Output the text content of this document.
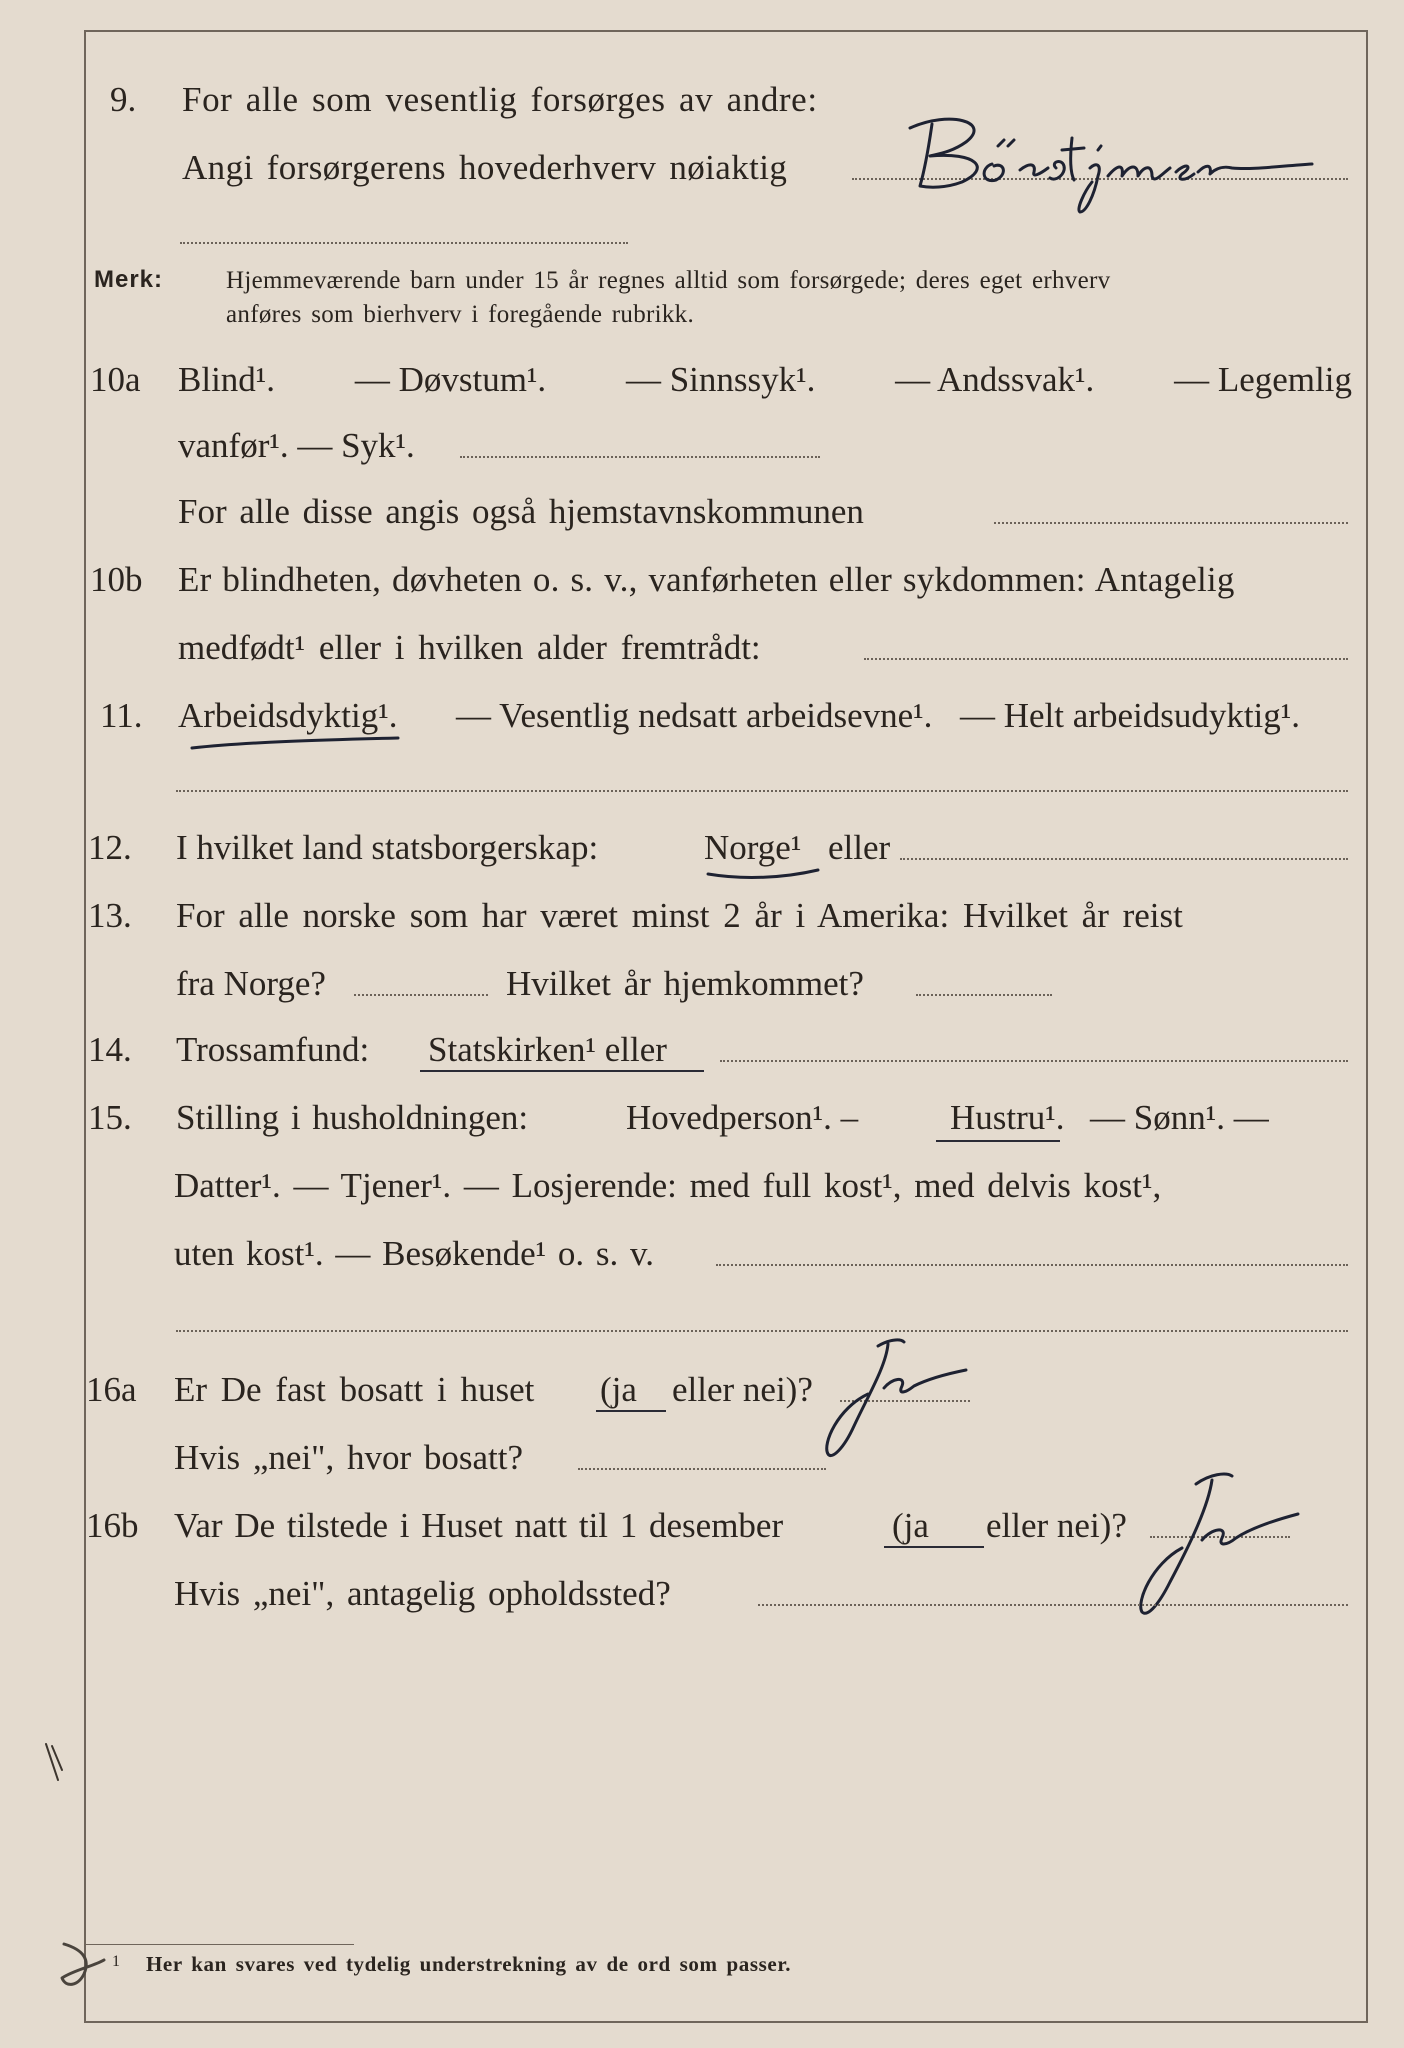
9. For alle som vesentlig forsørges av andre:
Angi forsørgerens hovederhverv nøiaktig
Merk:	Hjemmeværende barn under 15 år regnes alltid som forsørgede; deres eget erhverv
anføres som bierhverv i foregående rubrikk.
10a Blind¹. — Døvstum¹. — Sinnssyk¹. — Andssvak¹. — Legemlig
vanfør¹. — Syk¹.
For alle disse angis også hjemstavnskommunen
10b Er blindheten, døvheten o. s. v., vanførheten eller sykdommen: Antagelig
medfødt¹ eller i hvilken alder fremtrådt:
11. Arbeidsdyktig¹. — Vesentlig nedsatt arbeidsevne¹. — Helt arbeidsudyktig¹.
12. I hvilket land statsborgerskap:	Norge¹ eller
13. For alle norske som har været minst 2 år i Amerika: Hvilket år reist
fra Norge?	Hvilket år hjemkommet?
14. Trossamfund: Statskirken¹ eller
15. Stilling i husholdningen:	Hovedperson¹. –	Hustru¹. — Sønn¹. —
Datter¹. — Tjener¹. — Losjerende: med full kost¹, med delvis kost¹,
uten kost¹. — Besøkende¹ o. s. v.
16a Er De fast bosatt i huset (ja eller nei)?
Hvis „nei", hvor bosatt?
16b Var De tilstede i Huset natt til 1 desember	(ja eller nei)?
Hvis „nei", antagelig opholdssted?
1 Her kan svares ved tydelig understrekning av de ord som passer.
